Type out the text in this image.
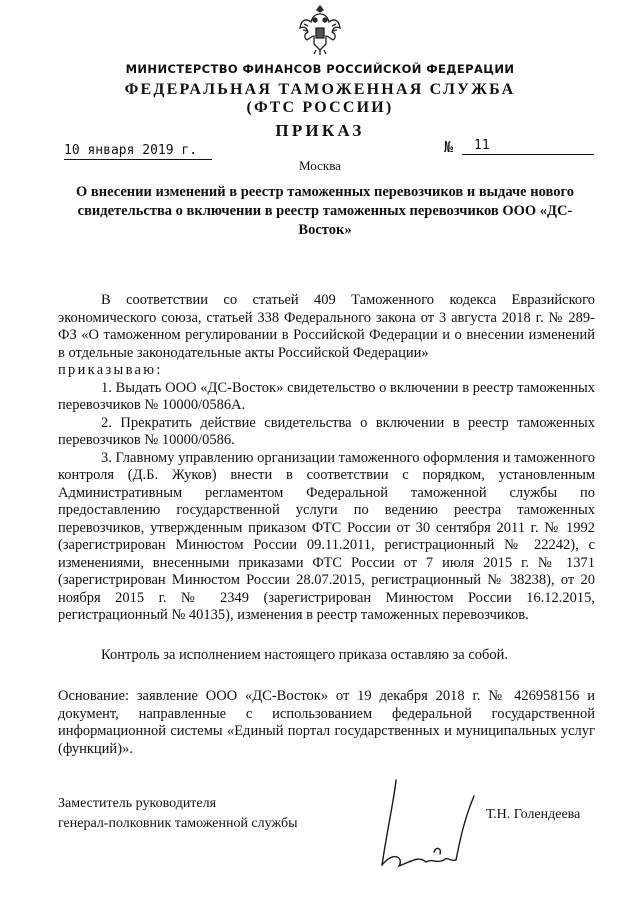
МИНИСТЕРСТВО ФИНАНСОВ РОССИЙСКОЙ ФЕДЕРАЦИИ
ФЕДЕРАЛЬНАЯ ТАМОЖЕННАЯ СЛУЖБА
(ФТС РОССИИ)
ПРИКАЗ
10 января 2019 г.	№	11
Москва
О внесении изменений в реестр таможенных перевозчиков и выдаче нового свидетельства о включении в реестр таможенных перевозчиков ООО «ДС-Восток»

В соответствии со статьей 409 Таможенного кодекса Евразийского экономического союза, статьей 338 Федерального закона от 3 августа 2018 г. № 289-ФЗ «О таможенном регулировании в Российской Федерации и о внесении изменений в отдельные законодательные акты Российской Федерации»

приказываю:

1. Выдать ООО «ДС-Восток» свидетельство о включении в реестр таможенных перевозчиков № 10000/0586А.

2. Прекратить действие свидетельства о включении в реестр таможенных перевозчиков № 10000/0586.

3. Главному управлению организации таможенного оформления и таможенного контроля (Д.Б. Жуков) внести в соответствии с порядком, установленным Административным регламентом Федеральной таможенной службы по предоставлению государственной услуги по ведению реестра таможенных перевозчиков, утвержденным приказом ФТС России от 30 сентября 2011 г. № 1992 (зарегистрирован Минюстом России 09.11.2011, регистрационный № 22242), с изменениями, внесенными приказами ФТС России от 7 июля 2015 г. № 1371 (зарегистрирован Минюстом России 28.07.2015, регистрационный № 38238), от 20 ноября 2015 г. № 2349 (зарегистрирован Минюстом России 16.12.2015, регистрационный № 40135), изменения в реестр таможенных перевозчиков.

Контроль за исполнением настоящего приказа оставляю за собой.

Основание: заявление ООО «ДС-Восток» от 19 декабря 2018 г. № 426958156 и документ, направленные с использованием федеральной государственной информационной системы «Единый портал государственных и муниципальных услуг (функций)».

Заместитель руководителя
генерал-полковник таможенной службы
Т.Н. Голендеева
